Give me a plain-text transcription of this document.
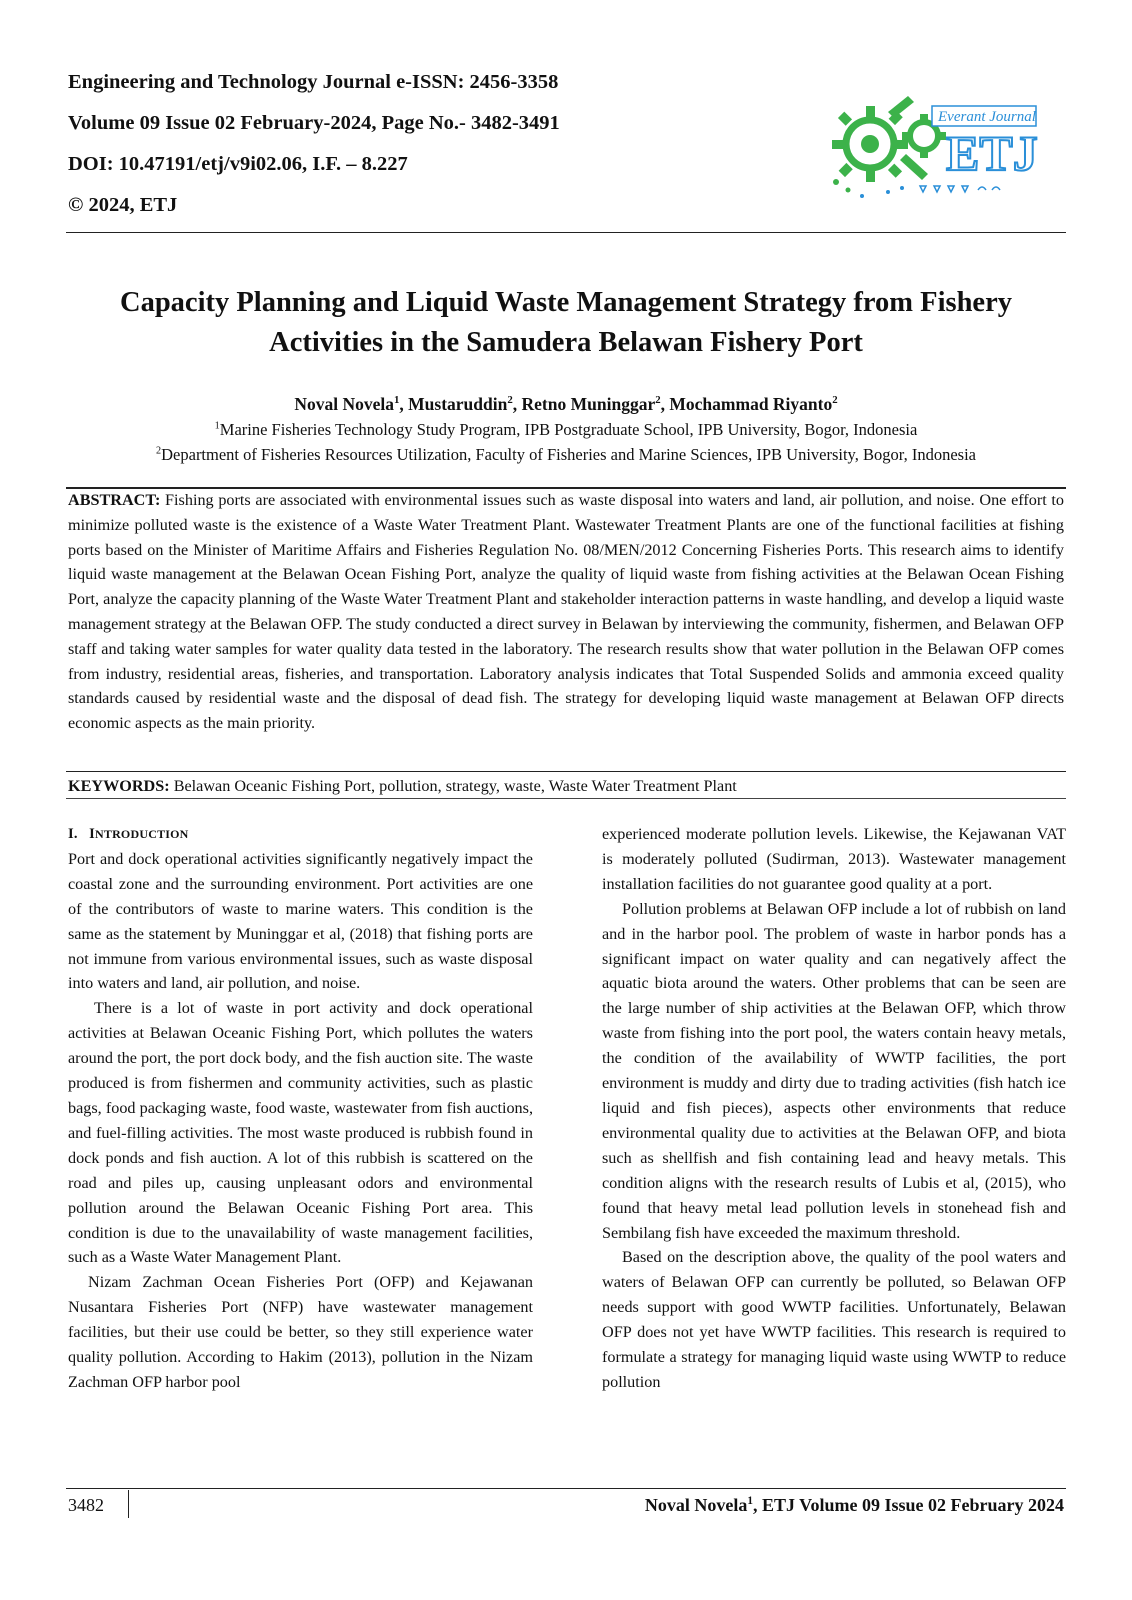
Engineering and Technology Journal e-ISSN: 2456-3358

Volume 09 Issue 02 February-2024, Page No.- 3482-3491

DOI: 10.47191/etj/v9i02.06, I.F. – 8.227

© 2024, ETJ

Everant Journal
ETJ
Capacity Planning and Liquid Waste Management Strategy from Fishery Activities in the Samudera Belawan Fishery Port
Noval Novela$^1$, Mustaruddin$^2$, Retno Muninggar$^2$, Mochammad Riyanto$^2$
$^1$Marine Fisheries Technology Study Program, IPB Postgraduate School, IPB University, Bogor, Indonesia
$^2$Department of Fisheries Resources Utilization, Faculty of Fisheries and Marine Sciences, IPB University, Bogor, Indonesia
ABSTRACT: Fishing ports are associated with environmental issues such as waste disposal into waters and land, air pollution, and noise. One effort to minimize polluted waste is the existence of a Waste Water Treatment Plant. Wastewater Treatment Plants are one of the functional facilities at fishing ports based on the Minister of Maritime Affairs and Fisheries Regulation No. 08/MEN/2012 Concerning Fisheries Ports. This research aims to identify liquid waste management at the Belawan Ocean Fishing Port, analyze the quality of liquid waste from fishing activities at the Belawan Ocean Fishing Port, analyze the capacity planning of the Waste Water Treatment Plant and stakeholder interaction patterns in waste handling, and develop a liquid waste management strategy at the Belawan OFP. The study conducted a direct survey in Belawan by interviewing the community, fishermen, and Belawan OFP staff and taking water samples for water quality data tested in the laboratory. The research results show that water pollution in the Belawan OFP comes from industry, residential areas, fisheries, and transportation. Laboratory analysis indicates that Total Suspended Solids and ammonia exceed quality standards caused by residential waste and the disposal of dead fish. The strategy for developing liquid waste management at Belawan OFP directs economic aspects as the main priority.
KEYWORDS: Belawan Oceanic Fishing Port, pollution, strategy, waste, Waste Water Treatment Plant

I. INTRODUCTION

Port and dock operational activities significantly negatively impact the coastal zone and the surrounding environment. Port activities are one of the contributors of waste to marine waters. This condition is the same as the statement by Muninggar et al, (2018) that fishing ports are not immune from various environmental issues, such as waste disposal into waters and land, air pollution, and noise.

There is a lot of waste in port activity and dock operational activities at Belawan Oceanic Fishing Port, which pollutes the waters around the port, the port dock body, and the fish auction site. The waste produced is from fishermen and community activities, such as plastic bags, food packaging waste, food waste, wastewater from fish auctions, and fuel-filling activities. The most waste produced is rubbish found in dock ponds and fish auction. A lot of this rubbish is scattered on the road and piles up, causing unpleasant odors and environmental pollution around the Belawan Oceanic Fishing Port area. This condition is due to the unavailability of waste management facilities, such as a Waste Water Management Plant.

Nizam Zachman Ocean Fisheries Port (OFP) and Kejawanan Nusantara Fisheries Port (NFP) have wastewater management facilities, but their use could be better, so they still experience water quality pollution. According to Hakim (2013), pollution in the Nizam Zachman OFP harbor pool

experienced moderate pollution levels. Likewise, the Kejawanan VAT is moderately polluted (Sudirman, 2013). Wastewater management installation facilities do not guarantee good quality at a port.

Pollution problems at Belawan OFP include a lot of rubbish on land and in the harbor pool. The problem of waste in harbor ponds has a significant impact on water quality and can negatively affect the aquatic biota around the waters. Other problems that can be seen are the large number of ship activities at the Belawan OFP, which throw waste from fishing into the port pool, the waters contain heavy metals, the condition of the availability of WWTP facilities, the port environment is muddy and dirty due to trading activities (fish hatch ice liquid and fish pieces), aspects other environments that reduce environmental quality due to activities at the Belawan OFP, and biota such as shellfish and fish containing lead and heavy metals. This condition aligns with the research results of Lubis et al, (2015), who found that heavy metal lead pollution levels in stonehead fish and Sembilang fish have exceeded the maximum threshold.

Based on the description above, the quality of the pool waters and waters of Belawan OFP can currently be polluted, so Belawan OFP needs support with good WWTP facilities. Unfortunately, Belawan OFP does not yet have WWTP facilities. This research is required to formulate a strategy for managing liquid waste using WWTP to reduce pollution

3482	Noval Novela$^1$, ETJ Volume 09 Issue 02 February 2024
